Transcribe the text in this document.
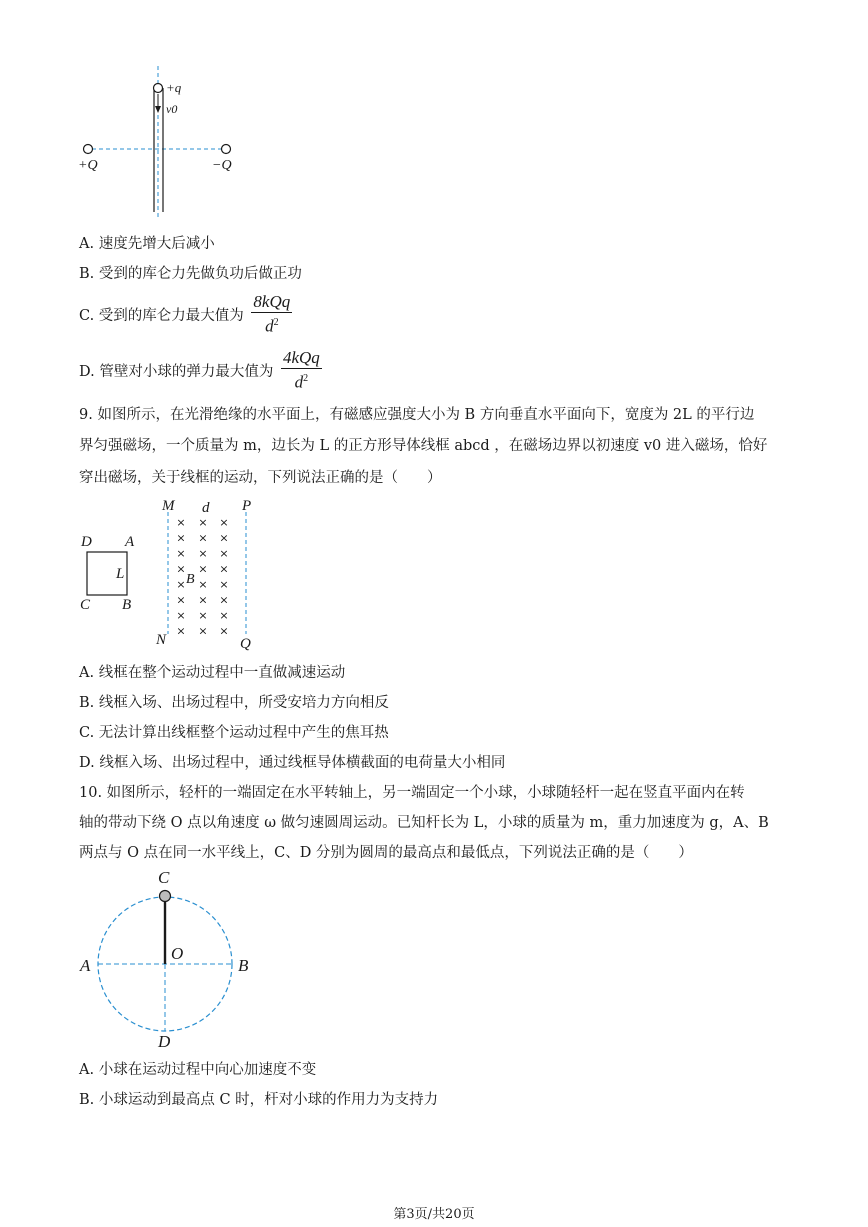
+q
v0
+Q	−Q
A. 速度先增大后减小
B. 受到的库仑力先做负功后做正功
C. 受到的库仑力最大值为 $\frac{\text{8kQq}}{d^2}$
D. 管壁对小球的弹力最大值为 $\frac{\text{4kQq}}{d^2}$
9. 如图所示，在光滑绝缘的水平面上，有磁感应强度大小为 B 方向垂直水平面向下，宽度为 2L 的平行边
界匀强磁场，一个质量为 m，边长为 L 的正方形导体线框 abcd ，在磁场边界以初速度 v0 进入磁场，恰好
穿出磁场，关于线框的运动，下列说法正确的是（　　）
× × ×
× × ×
× × ×
× × ×
× × ×
× × ×
× × ×
× × ×
M d P
N	Q
D A
C B
L	B
A. 线框在整个运动过程中一直做减速运动
B. 线框入场、出场过程中，所受安培力方向相反
C. 无法计算出线框整个运动过程中产生的焦耳热
D. 线框入场、出场过程中，通过线框导体横截面的电荷量大小相同
10. 如图所示，轻杆的一端固定在水平转轴上，另一端固定一个小球，小球随轻杆一起在竖直平面内在转
轴的带动下绕 O 点以角速度 ω 做匀速圆周运动。已知杆长为 L，小球的质量为 m，重力加速度为 g，A、B
两点与 O 点在同一水平线上，C、D 分别为圆周的最高点和最低点，下列说法正确的是（　　）
C
O
A	B
D
A. 小球在运动过程中向心加速度不变
B. 小球运动到最高点 C 时，杆对小球的作用力为支持力
第3页/共20页
